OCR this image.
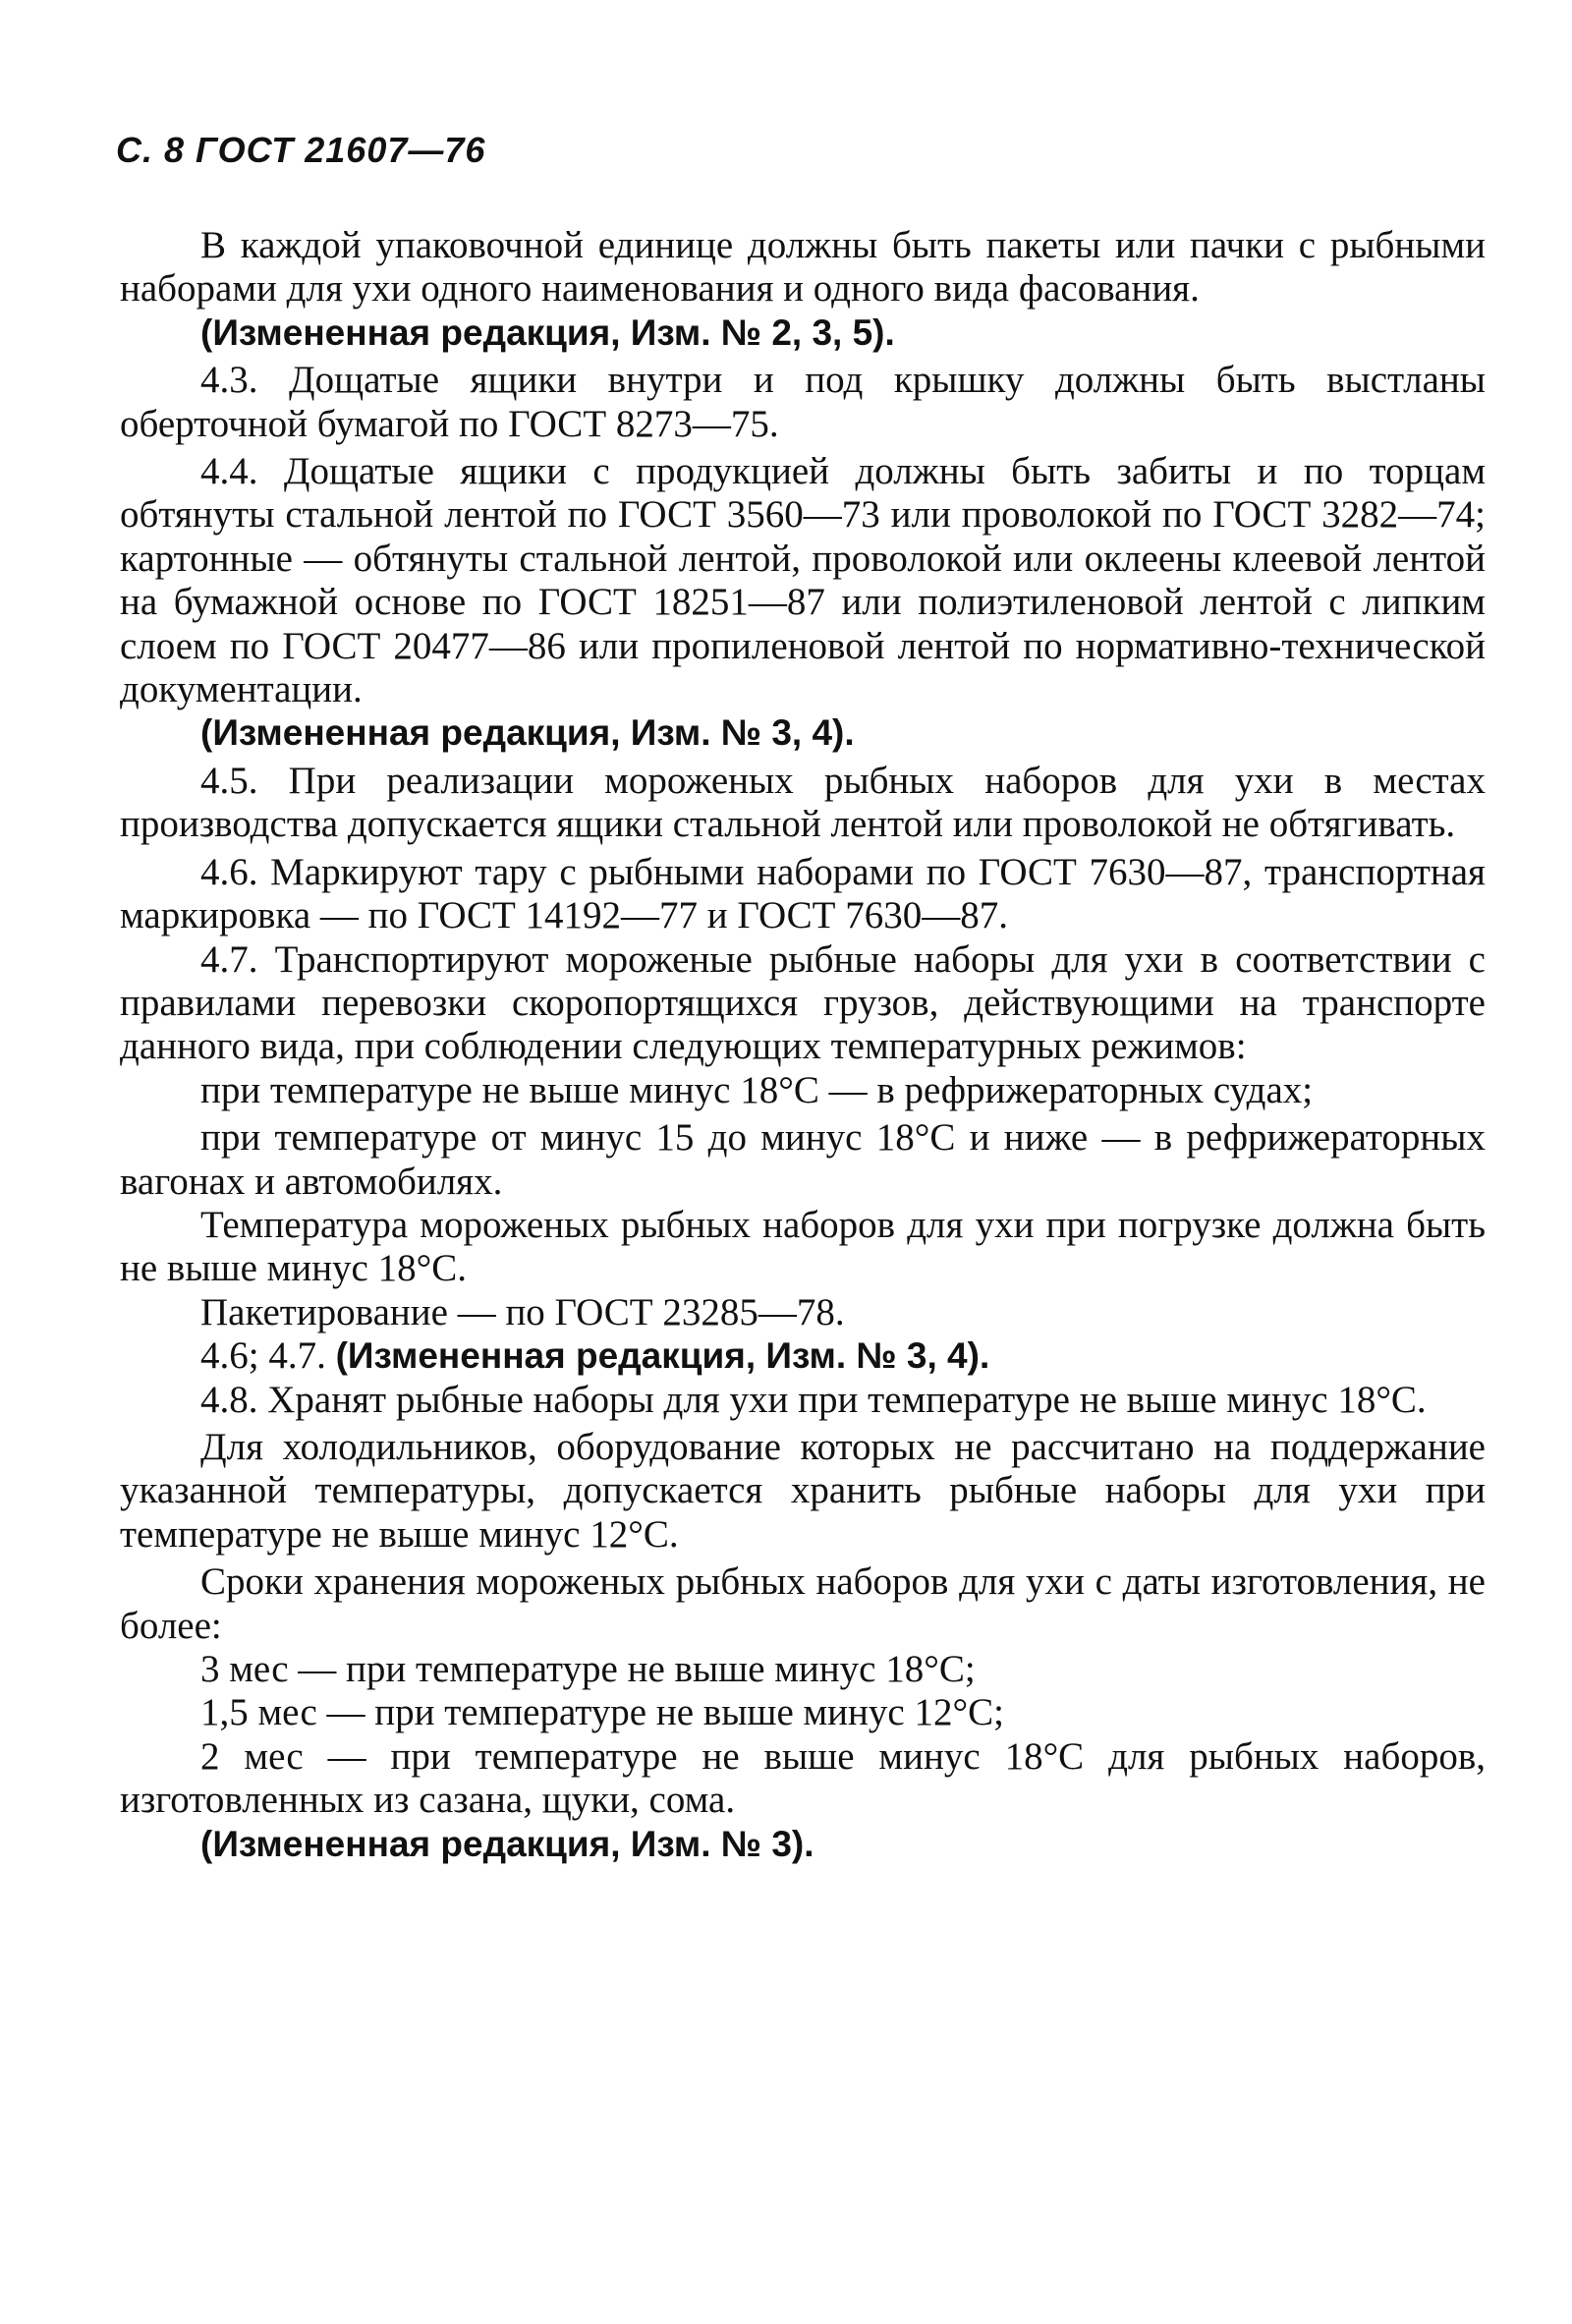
С. 8 ГОСТ 21607—76

В каждой упаковочной единице должны быть пакеты или пачки с рыбными наборами для ухи одного наименования и одного вида фасования.

(Измененная редакция, Изм. № 2, 3, 5).

4.3. Дощатые ящики внутри и под крышку должны быть выстланы оберточной бумагой по ГОСТ 8273—75.

4.4. Дощатые ящики с продукцией должны быть забиты и по торцам обтянуты стальной лентой по ГОСТ 3560—73 или проволокой по ГОСТ 3282—74; картонные — обтянуты стальной лентой, проволокой или оклеены клеевой лентой на бумажной основе по ГОСТ 18251—87 или полиэтиленовой лентой с липким слоем по ГОСТ 20477—86 или пропиленовой лентой по нормативно-технической документации.

(Измененная редакция, Изм. № 3, 4).

4.5. При реализации мороженых рыбных наборов для ухи в местах производства допускается ящики стальной лентой или проволокой не обтягивать.

4.6. Маркируют тару с рыбными наборами по ГОСТ 7630—87, транспортная маркировка — по ГОСТ 14192—77 и ГОСТ 7630—87.

4.7. Транспортируют мороженые рыбные наборы для ухи в соответствии с правилами перевозки скоропортящихся грузов, действующими на транспорте данного вида, при соблюдении следующих температурных режимов:

при температуре не выше минус 18°С — в рефрижераторных судах;

при температуре от минус 15 до минус 18°С и ниже — в рефрижераторных вагонах и автомобилях.

Температура мороженых рыбных наборов для ухи при погрузке должна быть не выше минус 18°С.

Пакетирование — по ГОСТ 23285—78.

4.6; 4.7. (Измененная редакция, Изм. № 3, 4).

4.8. Хранят рыбные наборы для ухи при температуре не выше минус 18°С.

Для холодильников, оборудование которых не рассчитано на поддержание указанной температуры, допускается хранить рыбные наборы для ухи при температуре не выше минус 12°С.

Сроки хранения мороженых рыбных наборов для ухи с даты изготовления, не более:

3 мес — при температуре не выше минус 18°С;

1,5 мес — при температуре не выше минус 12°С;

2 мес — при температуре не выше минус 18°С для рыбных наборов, изготовленных из сазана, щуки, сома.

(Измененная редакция, Изм. № 3).
